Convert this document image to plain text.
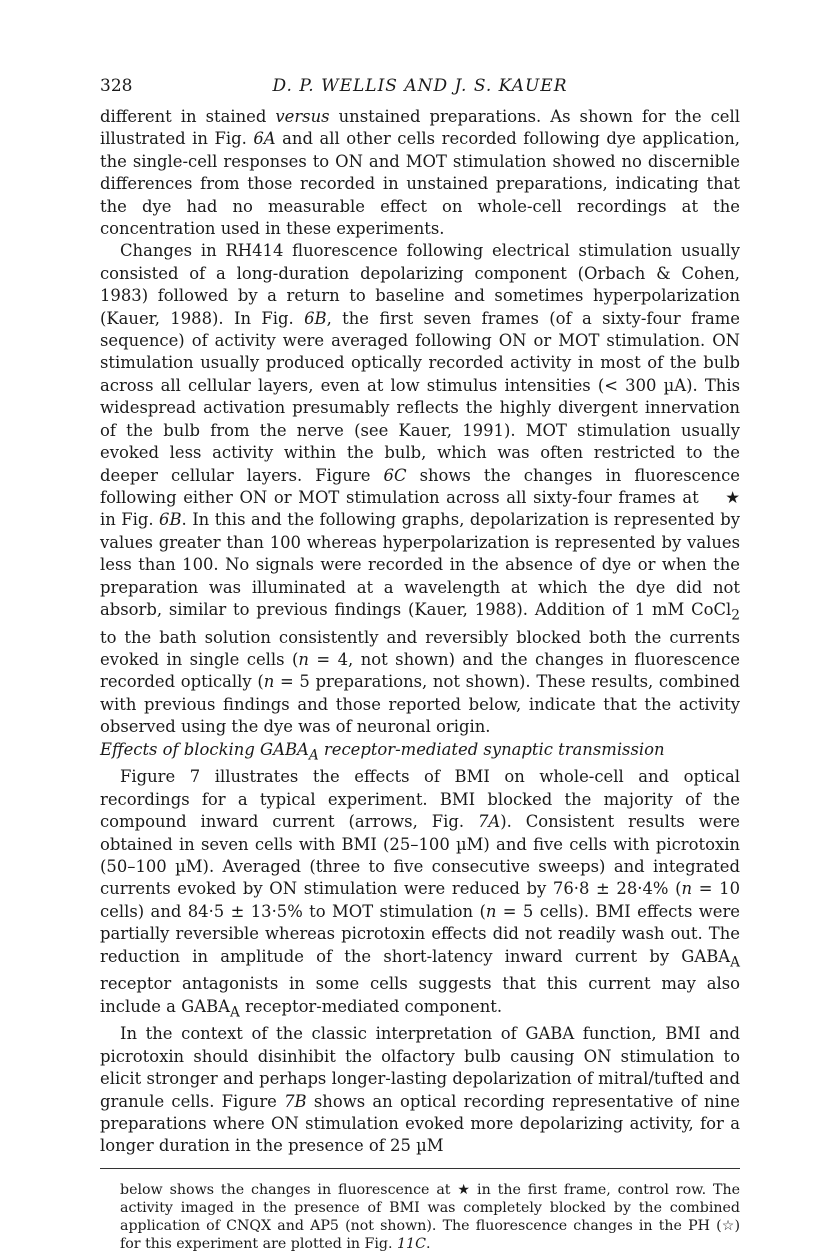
328	D. P. WELLIS AND J. S. KAUER

different in stained versus unstained preparations. As shown for the cell illustrated in Fig. 6A and all other cells recorded following dye application, the single-cell responses to ON and MOT stimulation showed no discernible differences from those recorded in unstained preparations, indicating that the dye had no measurable effect on whole-cell recordings at the concentration used in these experiments.

Changes in RH414 fluorescence following electrical stimulation usually consisted of a long-duration depolarizing component (Orbach & Cohen, 1983) followed by a return to baseline and sometimes hyperpolarization (Kauer, 1988). In Fig. 6B, the first seven frames (of a sixty-four frame sequence) of activity were averaged following ON or MOT stimulation. ON stimulation usually produced optically recorded activity in most of the bulb across all cellular layers, even at low stimulus intensities (< 300 µA). This widespread activation presumably reflects the highly divergent innervation of the bulb from the nerve (see Kauer, 1991). MOT stimulation usually evoked less activity within the bulb, which was often restricted to the deeper cellular layers. Figure 6C shows the changes in fluorescence following either ON or MOT stimulation across all sixty-four frames at ★ in Fig. 6B. In this and the following graphs, depolarization is represented by values greater than 100 whereas hyperpolarization is represented by values less than 100. No signals were recorded in the absence of dye or when the preparation was illuminated at a wavelength at which the dye did not absorb, similar to previous findings (Kauer, 1988). Addition of 1 mM CoCl$_2$ to the bath solution consistently and reversibly blocked both the currents evoked in single cells (n = 4, not shown) and the changes in fluorescence recorded optically (n = 5 preparations, not shown). These results, combined with previous findings and those reported below, indicate that the activity observed using the dye was of neuronal origin.

Effects of blocking $GABA_A$ receptor-mediated synaptic transmission

Figure 7 illustrates the effects of BMI on whole-cell and optical recordings for a typical experiment. BMI blocked the majority of the compound inward current (arrows, Fig. 7A). Consistent results were obtained in seven cells with BMI (25–100 µM) and five cells with picrotoxin (50–100 µM). Averaged (three to five consecutive sweeps) and integrated currents evoked by ON stimulation were reduced by 76·8 ± 28·4% (n = 10 cells) and 84·5 ± 13·5% to MOT stimulation (n = 5 cells). BMI effects were partially reversible whereas picrotoxin effects did not readily wash out. The reduction in amplitude of the short-latency inward current by $GABA_A$ receptor antagonists in some cells suggests that this current may also include a $GABA_A$ receptor-mediated component.

In the context of the classic interpretation of GABA function, BMI and picrotoxin should disinhibit the olfactory bulb causing ON stimulation to elicit stronger and perhaps longer-lasting depolarization of mitral/tufted and granule cells. Figure 7B shows an optical recording representative of nine preparations where ON stimulation evoked more depolarizing activity, for a longer duration in the presence of 25 µM

below shows the changes in fluorescence at ★ in the first frame, control row. The activity imaged in the presence of BMI was completely blocked by the combined application of CNQX and AP5 (not shown). The fluorescence changes in the PH (☆) for this experiment are plotted in Fig. 11C.
